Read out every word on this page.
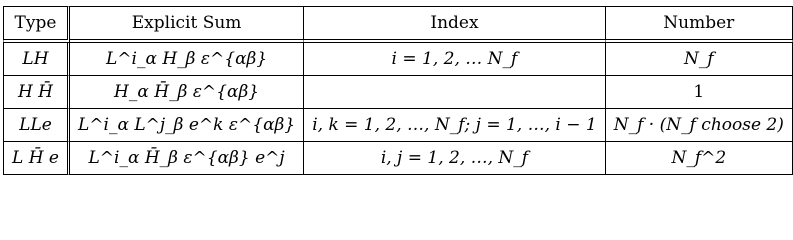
Type	Explicit Sum	Index	Number
LH	L^i_α H_β ε^{αβ}	i = 1, 2, … N_f	N_f
H H̄	H_α H̄_β ε^{αβ}		1
LLe	L^i_α L^j_β e^k ε^{αβ}	i, k = 1, 2, …, N_f; j = 1, …, i − 1	N_f · (N_f choose 2)
L H̄ e	L^i_α H̄_β ε^{αβ} e^j	i, j = 1, 2, …, N_f	N_f^2
